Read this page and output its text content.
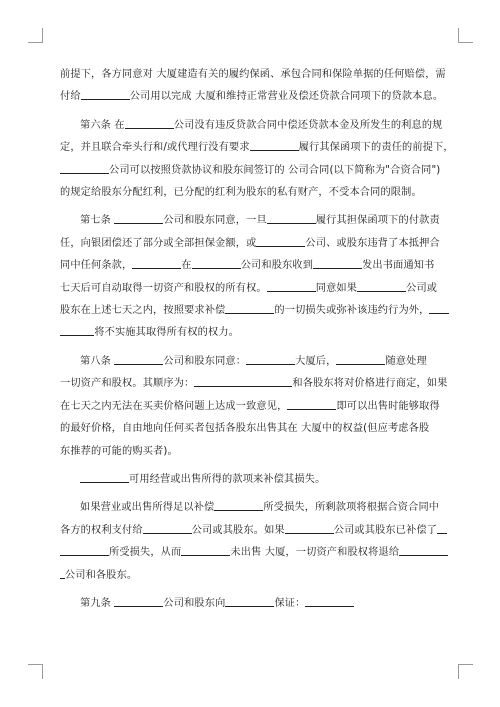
前提下，各方同意对 大厦建造有关的履约保函、承包合同和保险单据的任何赔偿，需
付给	公司用以完成 大厦和维持正常营业及偿还贷款合同项下的贷款本息。
第六条 在	公司没有违反贷款合同中偿还贷款本金及所发生的利息的规
定，并且联合牵头行和/或代理行没有要求	履行其保函项下的责任的前提下，
公司可以按照贷款协议和股东间签订的 公司合同(以下简称为"合资合同")
的规定给股东分配红利，已分配的红利为股东的私有财产，不受本合同的限制。
第七条	公司和股东同意，一旦	履行其担保函项下的付款责
任，向银团偿还了部分或全部担保金额，或	公司、或股东违背了本抵押合
同中任何条款，	在	公司和股东收到	发出书面通知书
七天后可自动取得一切资产和股权的所有权。	同意如果	公司或
股东在上述七天之内，按照要求补偿	的一切损失或弥补该违约行为外，
将不实施其取得所有权的权力。
第八条	公司和股东同意：	大厦后，	随意处理
一切资产和股权。其顺序为：	和各股东将对价格进行商定，如果
在七天之内无法在买卖价格问题上达成一致意见，	即可以出售时能够取得
的最好价格，自由地向任何买者包括各股东出售其在 大厦中的权益(但应考虑各股
东推荐的可能的购买者)。
可用经营或出售所得的款项来补偿其损失。
如果营业或出售所得足以补偿	所受损失，所剩款项将根据合资合同中
各方的权利支付给	公司或其股东。如果	公司或其股东已补偿了
所受损失，从而	未出售 大厦，一切资产和股权将退给
公司和各股东。
第九条	公司和股东向	保证：
